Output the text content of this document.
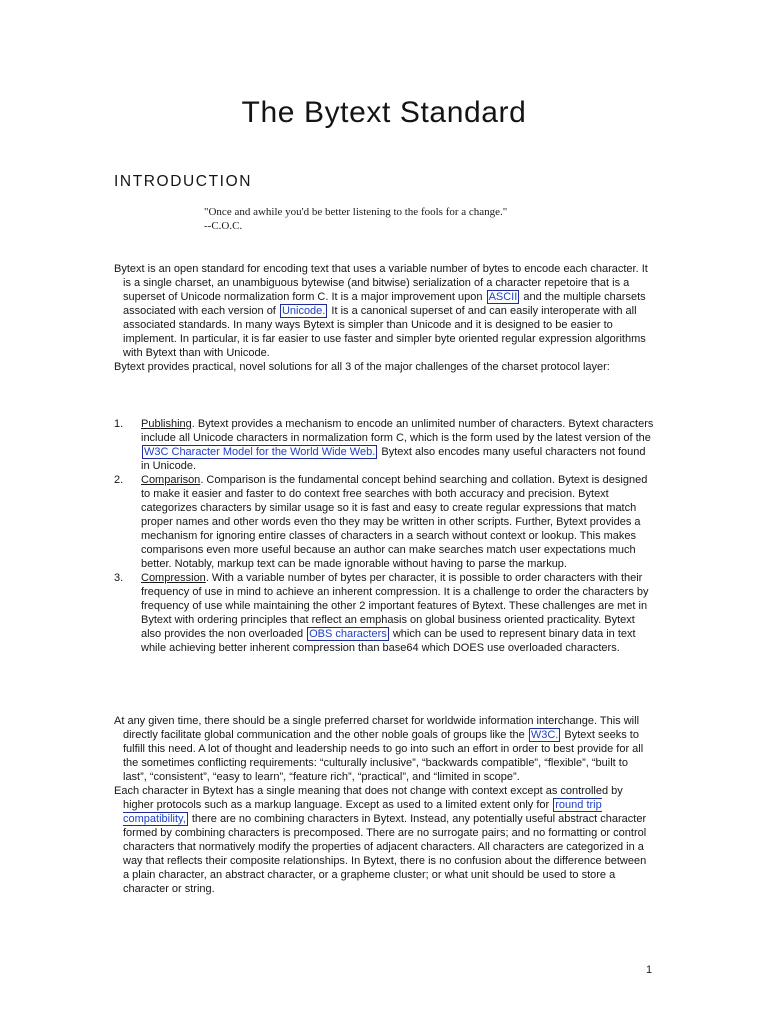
The Bytext Standard
INTRODUCTION
"Once and awhile you'd be better listening to the fools for a change."
--C.O.C.

Bytext is an open standard for encoding text that uses a variable number of bytes to encode each character. It is a single charset, an unambiguous bytewise (and bitwise) serialization of a character repetoire that is a superset of Unicode normalization form C. It is a major improvement upon ASCII and the multiple charsets associated with each version of Unicode. It is a canonical superset of and can easily interoperate with all associated standards. In many ways Bytext is simpler than Unicode and it is designed to be easier to implement. In particular, it is far easier to use faster and simpler byte oriented regular expression algorithms with Bytext than with Unicode.

Bytext provides practical, novel solutions for all 3 of the major challenges of the charset protocol layer:

1. Publishing. Bytext provides a mechanism to encode an unlimited number of characters. Bytext characters include all Unicode characters in normalization form C, which is the form used by the latest version of the W3C Character Model for the World Wide Web. Bytext also encodes many useful characters not found in Unicode.
2. Comparison. Comparison is the fundamental concept behind searching and collation. Bytext is designed to make it easier and faster to do context free searches with both accuracy and precision. Bytext categorizes characters by similar usage so it is fast and easy to create regular expressions that match proper names and other words even tho they may be written in other scripts. Further, Bytext provides a mechanism for ignoring entire classes of characters in a search without context or lookup. This makes comparisons even more useful because an author can make searches match user expectations much better. Notably, markup text can be made ignorable without having to parse the markup.
3. Compression. With a variable number of bytes per character, it is possible to order characters with their frequency of use in mind to achieve an inherent compression. It is a challenge to order the characters by frequency of use while maintaining the other 2 important features of Bytext. These challenges are met in Bytext with ordering principles that reflect an emphasis on global business oriented practicality. Bytext also provides the non overloaded OBS characters which can be used to represent binary data in text while achieving better inherent compression than base64 which DOES use overloaded characters.

At any given time, there should be a single preferred charset for worldwide information interchange. This will directly facilitate global communication and the other noble goals of groups like the W3C. Bytext seeks to fulfill this need. A lot of thought and leadership needs to go into such an effort in order to best provide for all the sometimes conflicting requirements: “culturally inclusive”, “backwards compatible”, “flexible”, “built to last”, “consistent”, “easy to learn”, “feature rich”, “practical”, and “limited in scope”.

Each character in Bytext has a single meaning that does not change with context except as controlled by higher protocols such as a markup language. Except as used to a limited extent only for round trip compatibility, there are no combining characters in Bytext. Instead, any potentially useful abstract character formed by combining characters is precomposed. There are no surrogate pairs; and no formatting or control characters that normatively modify the properties of adjacent characters. All characters are categorized in a way that reflects their composite relationships. In Bytext, there is no confusion about the difference between a plain character, an abstract character, or a grapheme cluster; or what unit should be used to store a character or string.

1
